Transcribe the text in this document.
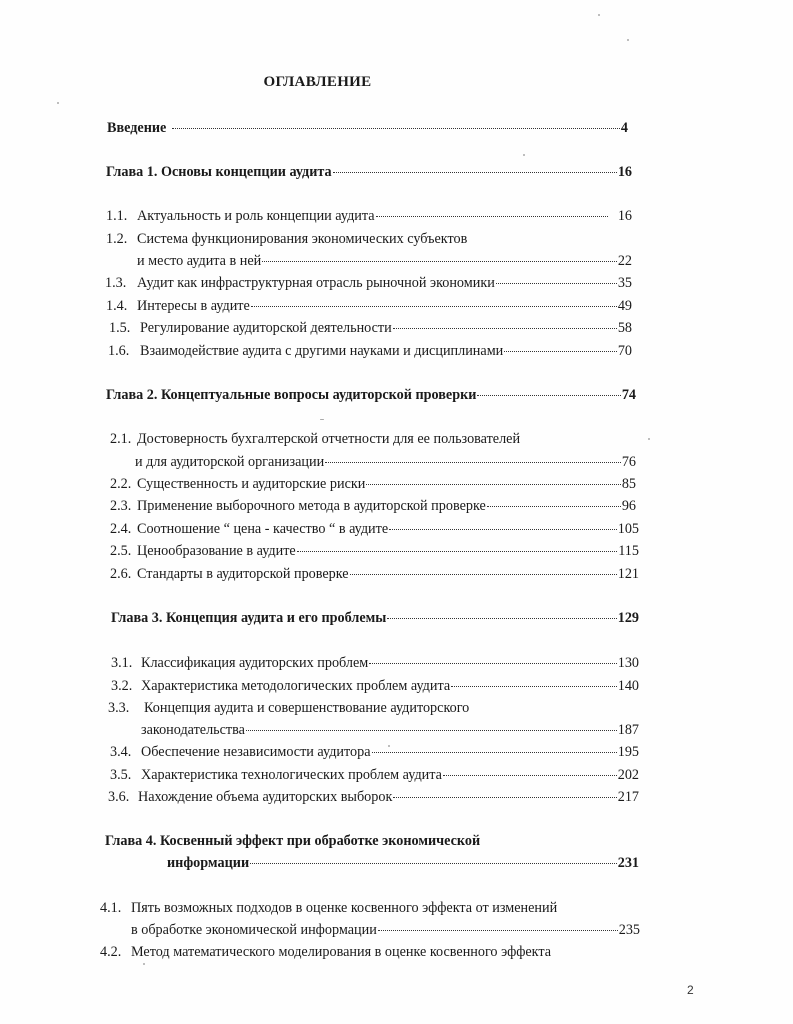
ОГЛАВЛЕНИЕ
Введение	4
Глава 1. Основы концепции аудита	16
1.1. Актуальность и роль концепции аудита	16
1.2. Система функционирования экономических субъектов
и место аудита в ней	22
1.3. Аудит как инфраструктурная отрасль рыночной экономики	35
1.4. Интересы в аудите	49
1.5. Регулирование аудиторской деятельности	58
1.6. Взаимодействие аудита с другими науками и дисциплинами	70
Глава 2. Концептуальные вопросы аудиторской проверки	74
2.1. Достоверность бухгалтерской отчетности для ее пользователей
и для аудиторской организации	76
2.2. Существенность и аудиторские риски	85
2.3. Применение выборочного метода в аудиторской проверке	96
2.4. Соотношение “ цена - качество “ в аудите	105
2.5. Ценообразование в аудите	115
2.6. Стандарты в аудиторской проверке	121
Глава 3. Концепция аудита и его проблемы	129
3.1. Классификация аудиторских проблем	130
3.2. Характеристика методологических проблем аудита	140
3.3.	Концепция аудита и совершенствование аудиторского
законодательства	187
3.4. Обеспечение независимости аудитора	195
3.5. Характеристика технологических проблем аудита	202
3.6. Нахождение объема аудиторских выборок	217
Глава 4. Косвенный эффект при обработке экономической
информации	231
4.1. Пять возможных подходов в оценке косвенного эффекта от изменений
в обработке экономической информации	235
4.2. Метод математического моделирования в оценке косвенного эффекта
2
